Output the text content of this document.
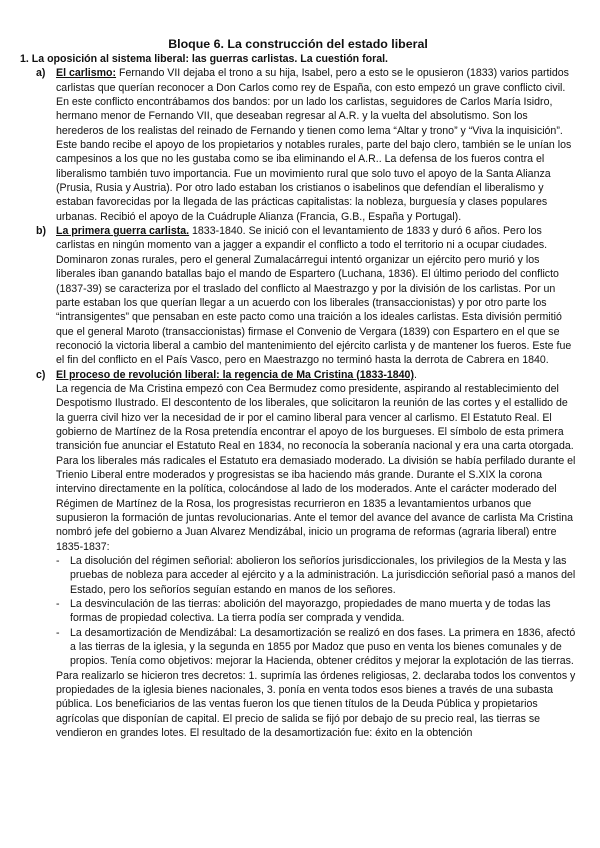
Bloque 6. La construcción del estado liberal
1. La oposición al sistema liberal: las guerras carlistas. La cuestión foral.
a) El carlismo: Fernando VII dejaba el trono a su hija, Isabel, pero a esto se le opusieron (1833) varios partidos carlistas que querían reconocer a Don Carlos como rey de España, con esto empezó un grave conflicto civil. En este conflicto encontrábamos dos bandos: por un lado los carlistas, seguidores de Carlos María Isidro, hermano menor de Fernando VII, que deseaban regresar al A.R. y la vuelta del absolutismo. Son los herederos de los realistas del reinado de Fernando y tienen como lema “Altar y trono” y “Viva la inquisición”. Este bando recibe el apoyo de los propietarios y notables rurales, parte del bajo clero, también se le unían los campesinos a los que no les gustaba como se iba eliminando el A.R.. La defensa de los fueros contra el liberalismo también tuvo importancia. Fue un movimiento rural que solo tuvo el apoyo de la Santa Alianza (Prusia, Rusia y Austria). Por otro lado estaban los cristianos o isabelinos que defendían el liberalismo y estaban favorecidas por la llegada de las prácticas capitalistas: la nobleza, burguesía y clases populares urbanas. Recibió el apoyo de la Cuádruple Alianza (Francia, G.B., España y Portugal).

b) La primera guerra carlista. 1833-1840. Se inició con el levantamiento de 1833 y duró 6 años. Pero los carlistas en ningún momento van a jagger a expandir el conflicto a todo el territorio ni a ocupar ciudades. Dominaron zonas rurales, pero el general Zumalacárregui intentó organizar un ejército pero murió y los liberales iban ganando batallas bajo el mando de Espartero (Luchana, 1836). El último periodo del conflicto (1837-39) se caracteriza por el traslado del conflicto al Maestrazgo y por la división de los carlistas. Por un parte estaban los que querían llegar a un acuerdo con los liberales (transaccionistas) y por otro parte los “intransigentes” que pensaban en este pacto como una traición a los ideales carlistas. Esta división permitió que el general Maroto (transaccionistas) firmase el Convenio de Vergara (1839) con Espartero en el que se reconoció la victoria liberal a cambio del mantenimiento del ejército carlista y de mantener los fueros. Este fue el fin del conflicto en el País Vasco, pero en Maestrazgo no terminó hasta la derrota de Cabrera en 1840.

c) El proceso de revolución liberal: la regencia de Ma Cristina (1833-1840).

La regencia de Ma Cristina empezó con Cea Bermudez como presidente, aspirando al restablecimiento del Despotismo Ilustrado. El descontento de los liberales, que solicitaron la reunión de las cortes y el estallido de la guerra civil hizo ver la necesidad de ir por el camino liberal para vencer al carlismo. El Estatuto Real. El gobierno de Martínez de la Rosa pretendía encontrar el apoyo de los burgueses. El símbolo de esta primera transición fue anunciar el Estatuto Real en 1834, no reconocía la soberanía nacional y era una carta otorgada. Para los liberales más radicales el Estatuto era demasiado moderado. La división se había perfilado durante el Trienio Liberal entre moderados y progresistas se iba haciendo más grande. Durante el S.XIX la corona intervino directamente en la política, colocándose al lado de los moderados. Ante el carácter moderado del Régimen de Martínez de la Rosa, los progresistas recurrieron en 1835 a levantamientos urbanos que supusieron la formación de juntas revolucionarias. Ante el temor del avance del avance de carlista Ma Cristina nombró jefe del gobierno a Juan Alvarez Mendizábal, inicio un programa de reformas (agraria liberal) entre 1835-1837:

- La disolución del régimen señorial: abolieron los señoríos jurisdiccionales, los privilegios de la Mesta y las pruebas de nobleza para acceder al ejército y a la administración. La jurisdicción señorial pasó a manos del Estado, pero los señoríos seguían estando en manos de los señores.
- La desvinculación de las tierras: abolición del mayorazgo, propiedades de mano muerta y de todas las formas de propiedad colectiva. La tierra podía ser comprada y vendida.
- La desamortización de Mendizábal: La desamortización se realizó en dos fases. La primera en 1836, afectó a las tierras de la iglesia, y la segunda en 1855 por Madoz que puso en venta los bienes comunales y de propios. Tenía como objetivos: mejorar la Hacienda, obtener créditos y mejorar la explotación de las tierras.

Para realizarlo se hicieron tres decretos: 1. suprimía las órdenes religiosas, 2. declaraba todos los conventos y propiedades de la iglesia bienes nacionales, 3. ponía en venta todos esos bienes a través de una subasta pública. Los beneficiarios de las ventas fueron los que tienen títulos de la Deuda Pública y propietarios agrícolas que disponían de capital. El precio de salida se fijó por debajo de su precio real, las tierras se vendieron en grandes lotes. El resultado de la desamortización fue: éxito en la obtención
